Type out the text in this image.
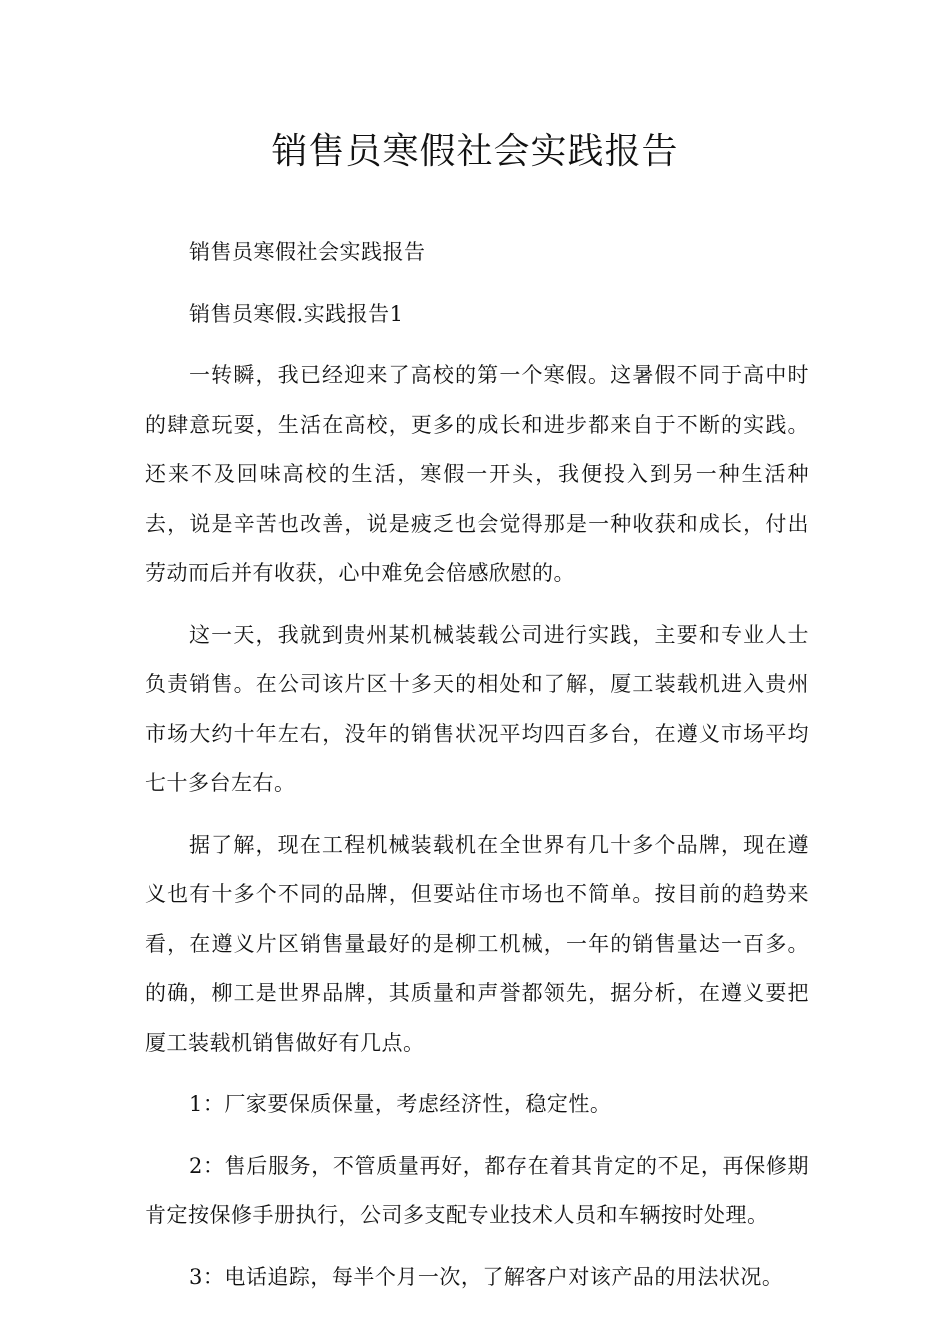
销售员寒假社会实践报告

销售员寒假社会实践报告

销售员寒假.实践报告1

一转瞬，我已经迎来了高校的第一个寒假。这暑假不同于高中时的肆意玩耍，生活在高校，更多的成长和进步都来自于不断的实践。还来不及回味高校的生活，寒假一开头，我便投入到另一种生活种去，说是辛苦也改善，说是疲乏也会觉得那是一种收获和成长，付出劳动而后并有收获，心中难免会倍感欣慰的。

这一天，我就到贵州某机械装载公司进行实践，主要和专业人士负责销售。在公司该片区十多天的相处和了解，厦工装载机进入贵州市场大约十年左右，没年的销售状况平均四百多台，在遵义市场平均七十多台左右。

据了解，现在工程机械装载机在全世界有几十多个品牌，现在遵义也有十多个不同的品牌，但要站住市场也不简单。按目前的趋势来看，在遵义片区销售量最好的是柳工机械，一年的销售量达一百多。的确，柳工是世界品牌，其质量和声誉都领先，据分析，在遵义要把厦工装载机销售做好有几点。

1：厂家要保质保量，考虑经济性，稳定性。

2：售后服务，不管质量再好，都存在着其肯定的不足，再保修期肯定按保修手册执行，公司多支配专业技术人员和车辆按时处理。

3：电话追踪，每半个月一次，了解客户对该产品的用法状况。
